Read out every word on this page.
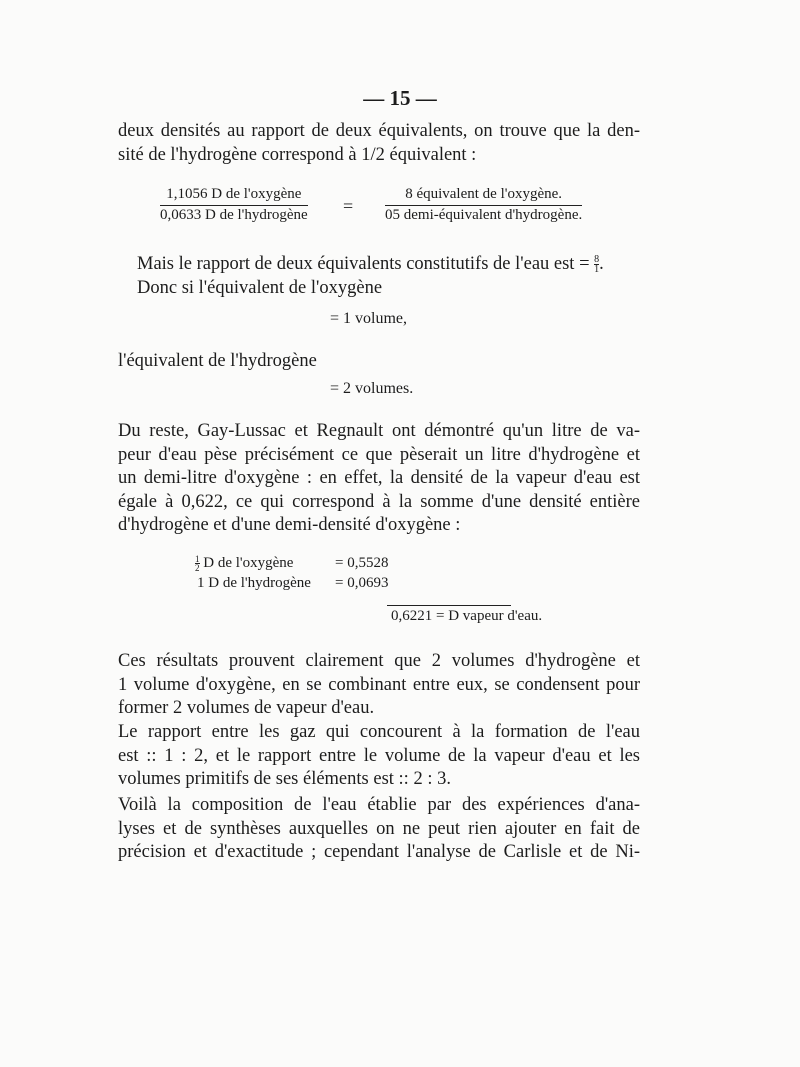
— 15 —
deux densités au rapport de deux équivalents, on trouve que la den-
sité de l'hydrogène correspond à 1/2 équivalent :
1,1056 D de l'oxygène
0,0633 D de l'hydrogène =
8 équivalent de l'oxygène.
05 demi-équivalent d'hydrogène.
Mais le rapport de deux équivalents constitutifs de l'eau est = $\frac{8}{1}$ .
Donc si l'équivalent de l'oxygène
= 1 volume,
l'équivalent de l'hydrogène
= 2 volumes.
Du reste, Gay-Lussac et Regnault ont démontré qu'un litre de va-
peur d'eau pèse précisément ce que pèserait un litre d'hydrogène et
un demi-litre d'oxygène : en effet, la densité de la vapeur d'eau est
égale à 0,622, ce qui correspond à la somme d'une densité entière
d'hydrogène et d'une demi-densité d'oxygène :
$\frac{1}{2}$ D de l'oxygène	= 0,5528
1 D de l'hydrogène = 0,0693
0,6221 = D vapeur d'eau.
Ces résultats prouvent clairement que 2 volumes d'hydrogène et
1 volume d'oxygène, en se combinant entre eux, se condensent pour
former 2 volumes de vapeur d'eau.
Le rapport entre les gaz qui concourent à la formation de l'eau
est :: 1 : 2, et le rapport entre le volume de la vapeur d'eau et les
volumes primitifs de ses éléments est :: 2 : 3.
Voilà la composition de l'eau établie par des expériences d'ana-
lyses et de synthèses auxquelles on ne peut rien ajouter en fait de
précision et d'exactitude ; cependant l'analyse de Carlisle et de Ni-
